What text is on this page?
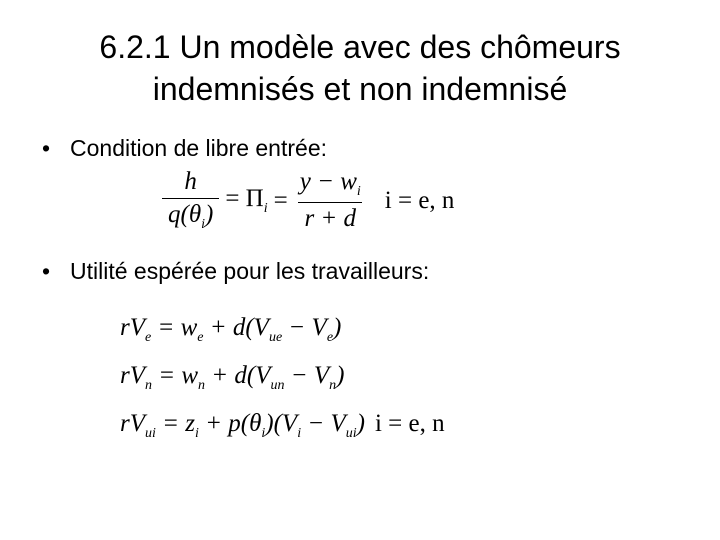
6.2.1 Un modèle avec des chômeurs
indemnisés et non indemnisé
• Condition de libre entrée:
$\frac{h}{q(\theta_i)} = \Pi_i = \frac{y - w_i}{r + d}$ i = e, n
• Utilité espérée pour les travailleurs:
$rV_e = w_e + d(V_{ue} - V_e)$
$rV_n = w_n + d(V_{un} - V_n)$
$rV_{ui} = z_i + p(\theta_i)(V_i - V_{ui}) i = e$, n
